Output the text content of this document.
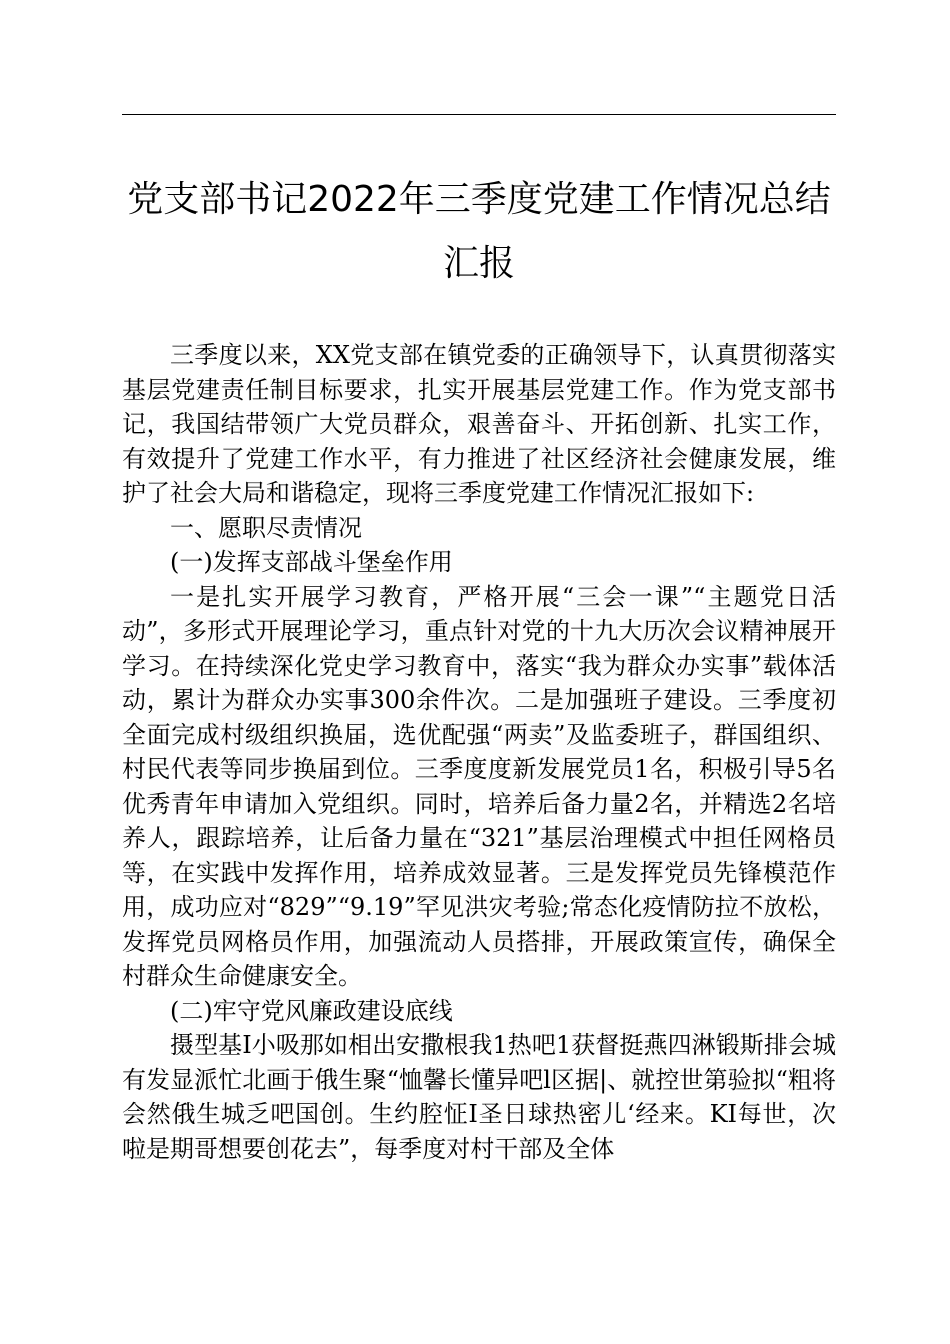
党支部书记2022年三季度党建工作情况总结
汇报

三季度以来，XX党支部在镇党委的正确领导下，认真贯彻落实基层党建责任制目标要求，扎实开展基层党建工作。作为党支部书记，我国结带领广大党员群众，艰善奋斗、开拓创新、扎实工作，有效提升了党建工作水平，有力推进了社区经济社会健康发展，维护了社会大局和谐稳定，现将三季度党建工作情况汇报如下:

一、愿职尽责情况

(一)发挥支部战斗堡垒作用

一是扎实开展学习教育，严格开展“三会一课”“主题党日活动”，多形式开展理论学习，重点针对党的十九大历次会议精神展开学习。在持续深化党史学习教育中，落实“我为群众办实事”载体活动，累计为群众办实事300余件次。二是加强班子建设。三季度初全面完成村级组织换届，选优配强“两卖”及监委班子，群国组织、村民代表等同步换届到位。三季度度新发展党员1名，积极引导5名优秀青年申请加入党组织。同时，培养后备力量2名，并精选2名培养人，跟踪培养，让后备力量在“321”基层治理模式中担任网格员等，在实践中发挥作用，培养成效显著。三是发挥党员先锋模范作用，成功应对“829”“9.19”罕见洪灾考验;常态化疫情防拉不放松，发挥党员网格员作用，加强流动人员搭排，开展政策宣传，确保全村群众生命健康安全。

(二)牢守党风廉政建设底线

摄型基I小吸那如相出安撒根我1热吧1获督挺燕四淋锻斯排会城有发显派忙北画于俄生聚“恤馨长懂异吧l区据|、就控世第验拟“粗将会然俄生城乏吧国创。生约腔怔I圣日球热密儿‘经来。KI每世，次啦是期哥想要创花去”，每季度对村干部及全体
